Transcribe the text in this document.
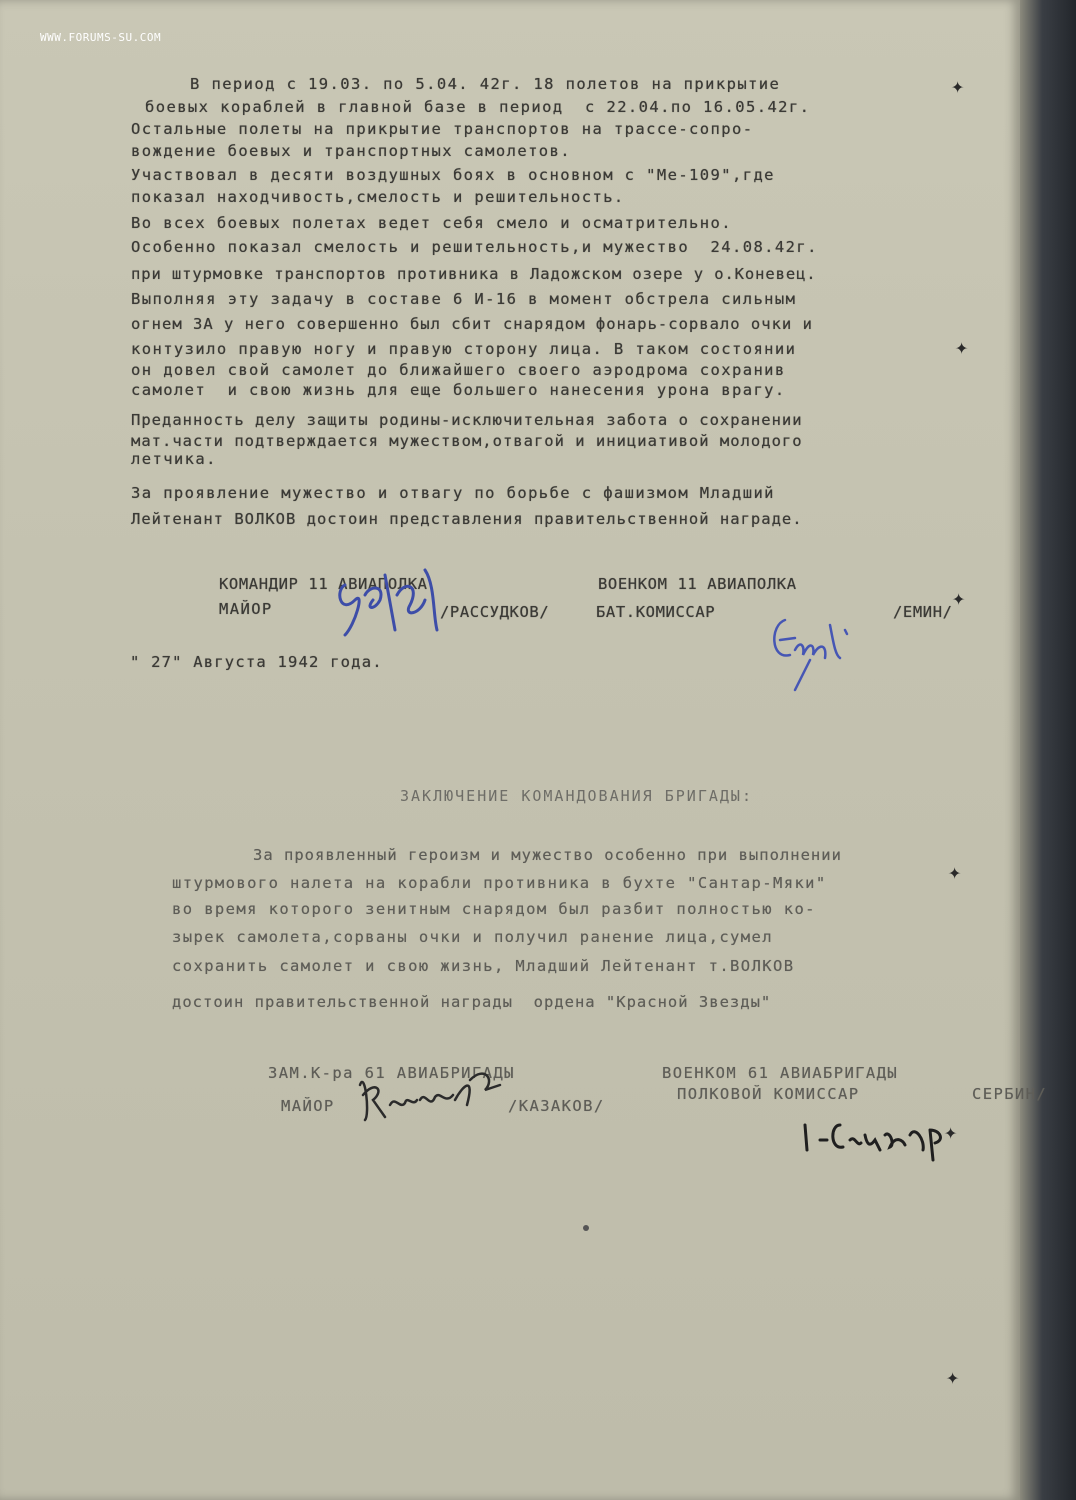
WWW.FORUMS-SU.COM
В период с 19.03. по 5.04. 42г. 18 полетов на прикрытие
боевых кораблей в главной базе в период  с 22.04.по 16.05.42г.
Остальные полеты на прикрытие транспортов на трассе-сопро-
вождение боевых и транспортных самолетов.
Участвовал в десяти воздушных боях в основном с "Ме-109",где
показал находчивость,смелость и решительность.
Во всех боевых полетах ведет себя смело и осматрительно.
Особенно показал смелость и решительность,и мужество  24.08.42г.
при штурмовке транспортов противника в Ладожском озере у о.Коневец.
Выполняя эту задачу в составе 6 И-16 в момент обстрела сильным
огнем ЗА у него совершенно был сбит снарядом фонарь-сорвало очки и
контузило правую ногу и правую сторону лица. В таком состоянии
он довел свой самолет до ближайшего своего аэродрома сохранив
самолет  и свою жизнь для еще большего нанесения урона врагу.
Преданность делу защиты родины-исключительная забота о сохранении
мат.части подтверждается мужеством,отвагой и инициативой молодого
летчика.
За проявление мужество и отвагу по борьбе с фашизмом Младший
Лейтенант ВОЛКОВ достоин представления правительственной награде.
КОМАНДИР 11 АВИАПОЛКА
МАЙОР	/РАССУДКОВ/
ВОЕНКОМ 11 АВИАПОЛКА
БАТ.КОМИССАР	/ЕМИН/
" 27" Августа 1942 года.
ЗАКЛЮЧЕНИЕ КОМАНДОВАНИЯ БРИГАДЫ:
За проявленный героизм и мужество особенно при выполнении
штурмового налета на корабли противника в бухте "Сантар-Мяки"
во время которого зенитным снарядом был разбит полностью ко-
зырек самолета,сорваны очки и получил ранение лица,сумел
сохранить самолет и свою жизнь, Младший Лейтенант т.ВОЛКОВ
достоин правительственной награды  ордена "Красной Звезды"
ЗАМ.К-ра 61 АВИАБРИГАДЫ
МАЙОР	/КАЗАКОВ/
ВОЕНКОМ 61 АВИАБРИГАДЫ
ПОЛКОВОЙ КОМИССАР	СЕРБИН/
✦
✦
✦
✦
✦
✦
